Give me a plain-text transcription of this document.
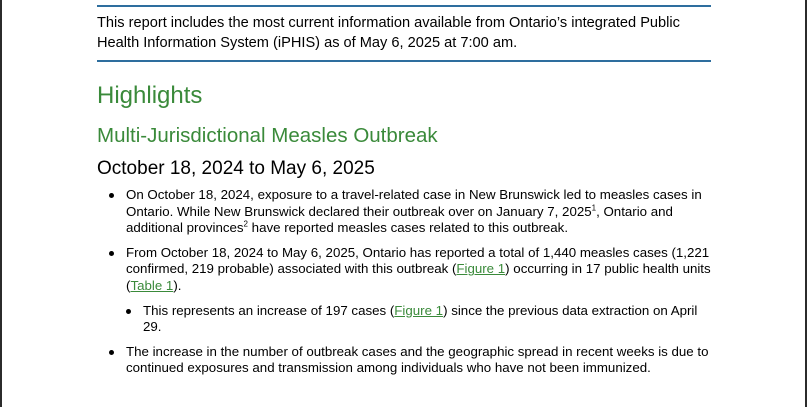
This report includes the most current information available from Ontario’s integrated Public
Health Information System (iPHIS) as of May 6, 2025 at 7:00 am.
Highlights
Multi-Jurisdictional Measles Outbreak
October 18, 2024 to May 6, 2025
On October 18, 2024, exposure to a travel-related case in New Brunswick led to measles cases in Ontario. While New Brunswick declared their outbreak over on January 7, 2025$^1$, Ontario and additional provinces$^2$ have reported measles cases related to this outbreak.
From October 18, 2024 to May 6, 2025, Ontario has reported a total of 1,440 measles cases (1,221 confirmed, 219 probable) associated with this outbreak (Figure 1) occurring in 17 public health units (Table 1).
This represents an increase of 197 cases (Figure 1) since the previous data extraction on April 29.
The increase in the number of outbreak cases and the geographic spread in recent weeks is due to continued exposures and transmission among individuals who have not been immunized.
